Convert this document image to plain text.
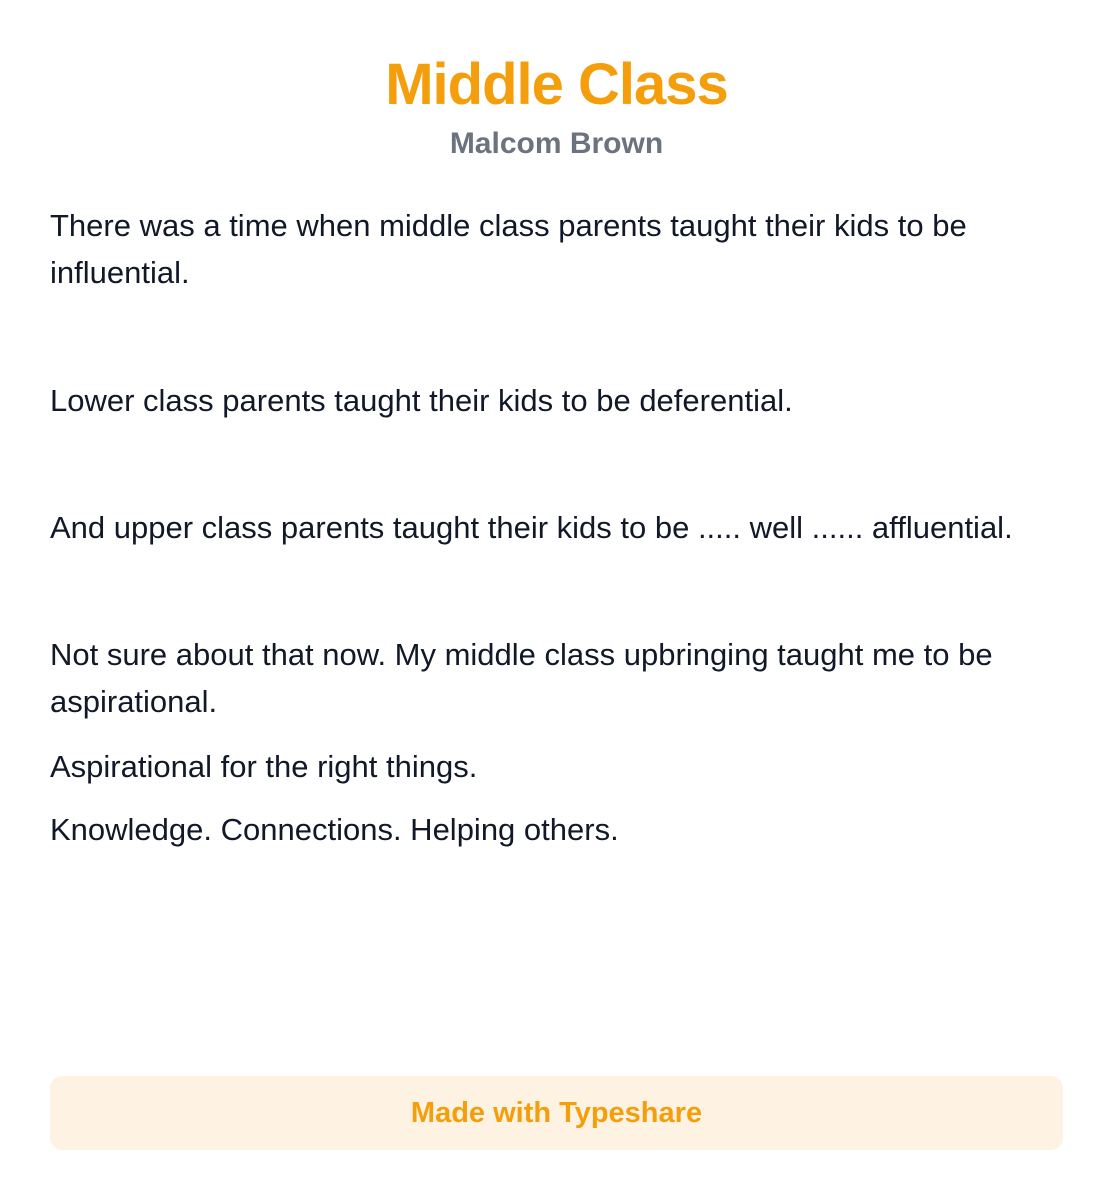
Middle Class
Malcom Brown

There was a time when middle class parents taught their kids to be influential.

Lower class parents taught their kids to be deferential.

And upper class parents taught their kids to be ..... well ...... affluential.

Not sure about that now. My middle class upbringing taught me to be aspirational.

Aspirational for the right things.

Knowledge. Connections. Helping others.

Made with Typeshare
